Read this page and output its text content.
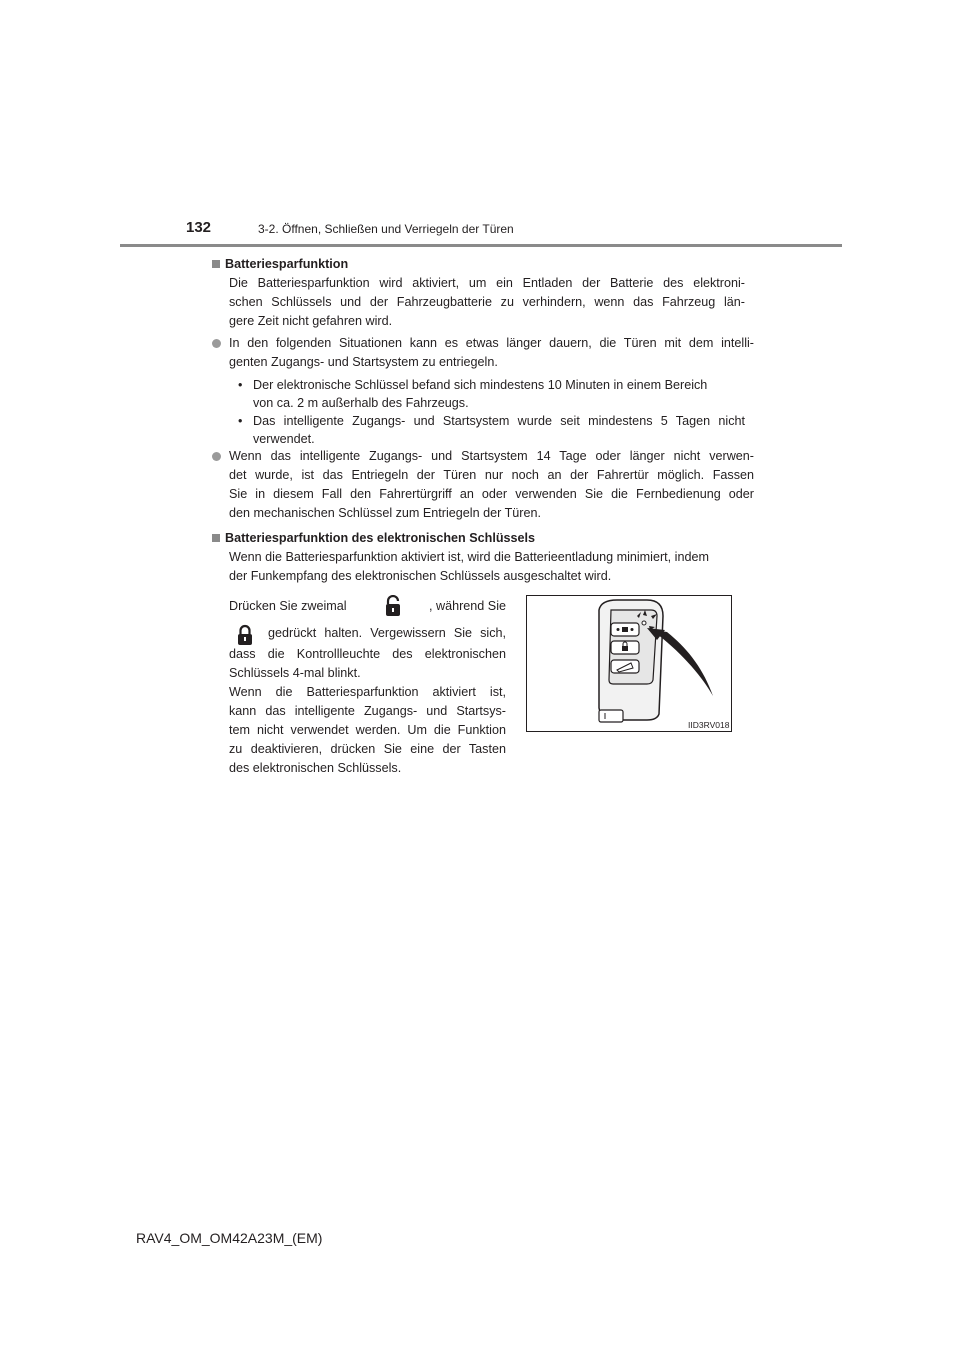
132	3-2. Öffnen, Schließen und Verriegeln der Türen
Batteriesparfunktion
Die Batteriesparfunktion wird aktiviert, um ein Entladen der Batterie des elektroni-
schen Schlüssels und der Fahrzeugbatterie zu verhindern, wenn das Fahrzeug län-
gere Zeit nicht gefahren wird.
In den folgenden Situationen kann es etwas länger dauern, die Türen mit dem intelli-
genten Zugangs- und Startsystem zu entriegeln.
• Der elektronische Schlüssel befand sich mindestens 10 Minuten in einem Bereich
von ca. 2 m außerhalb des Fahrzeugs.
• Das intelligente Zugangs- und Startsystem wurde seit mindestens 5 Tagen nicht
verwendet.
Wenn das intelligente Zugangs- und Startsystem 14 Tage oder länger nicht verwen-
det wurde, ist das Entriegeln der Türen nur noch an der Fahrertür möglich. Fassen
Sie in diesem Fall den Fahrertürgriff an oder verwenden Sie die Fernbedienung oder
den mechanischen Schlüssel zum Entriegeln der Türen.
Batteriesparfunktion des elektronischen Schlüssels
Wenn die Batteriesparfunktion aktiviert ist, wird die Batterieentladung minimiert, indem
der Funkempfang des elektronischen Schlüssels ausgeschaltet wird.
Drücken Sie zweimal	, während Sie
gedrückt halten. Vergewissern Sie sich,
dass die Kontrollleuchte des elektronischen
Schlüssels 4-mal blinkt.
Wenn die Batteriesparfunktion aktiviert ist,
kann das intelligente Zugangs- und Startsys-
tem nicht verwendet werden. Um die Funktion
zu deaktivieren, drücken Sie eine der Tasten
des elektronischen Schlüssels.
IID3RV018
RAV4_OM_OM42A23M_(EM)
